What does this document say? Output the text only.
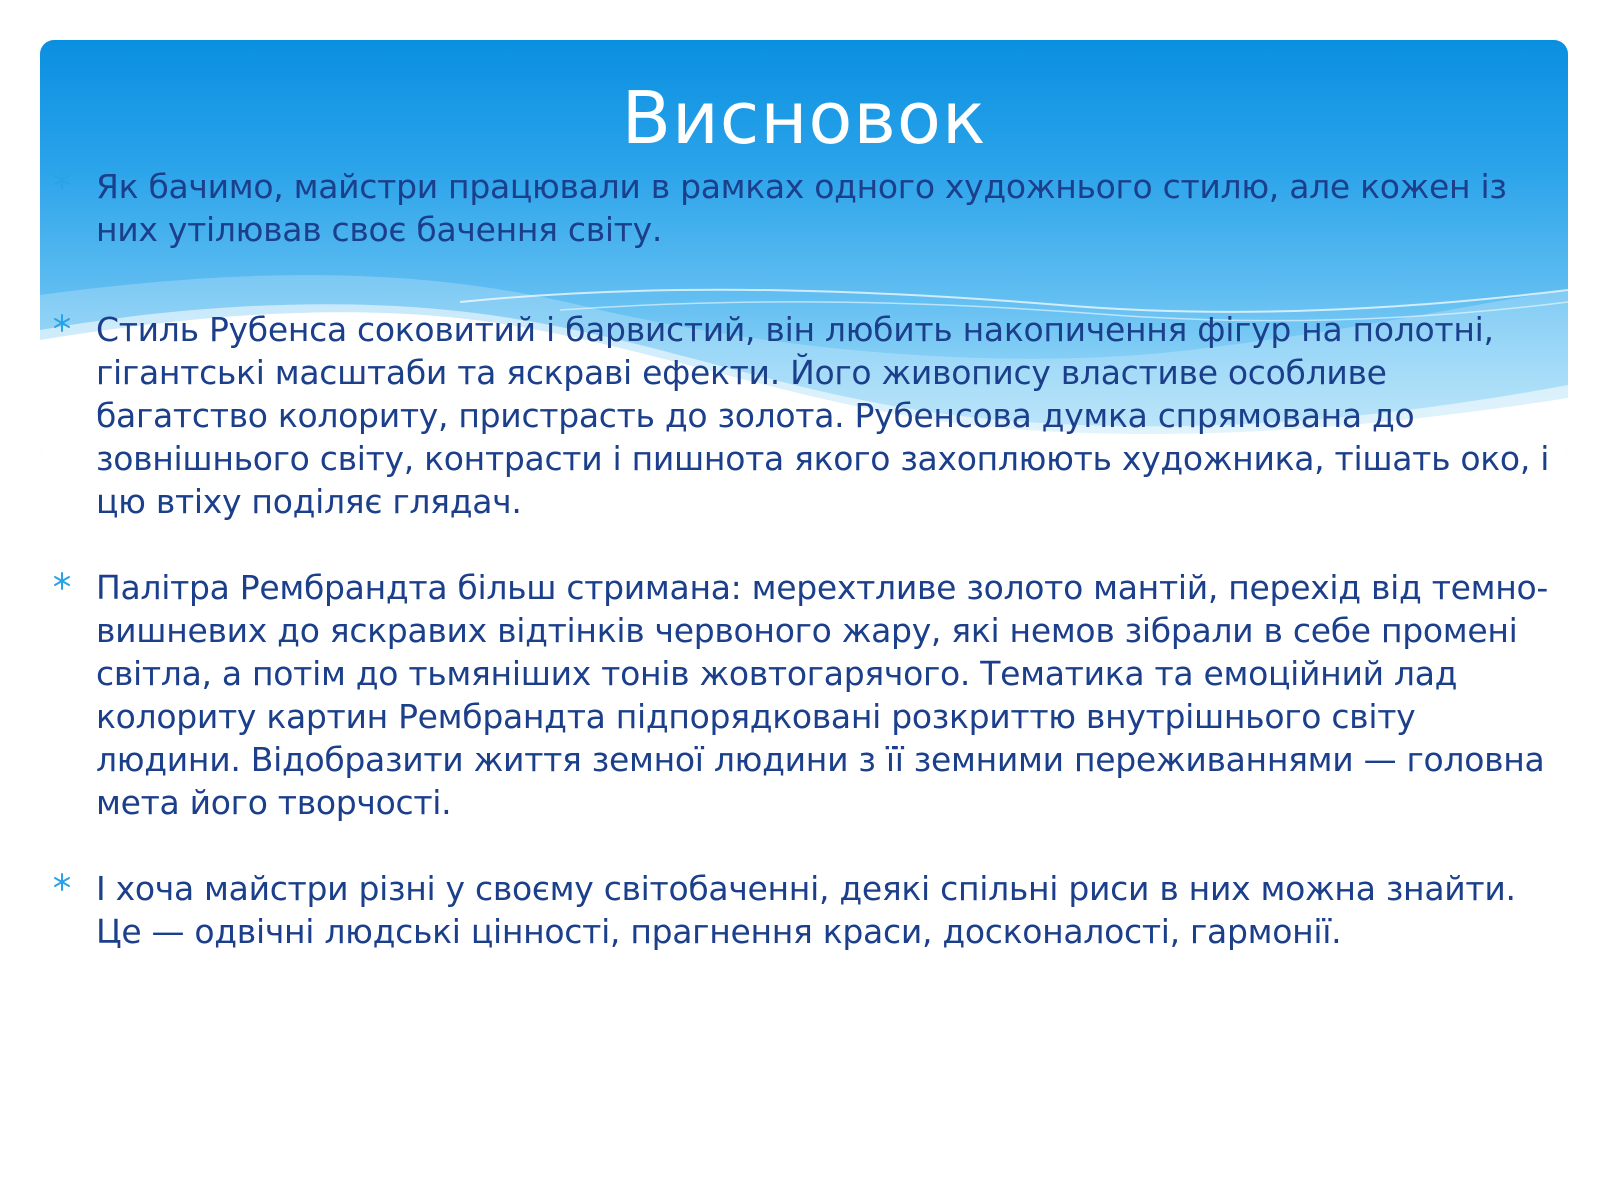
Висновок

Як бачимо, майстри працювали в рамках одного художнього стилю, але кожен із них утілював своє бачення світу.

Стиль Рубенса соковитий і барвистий, він любить накопичення фігур на полотні, гігантські масштаби та яскраві ефекти. Його живопису властиве особливе багатство колориту, пристрасть до золота. Рубенсова думка спрямована до зовнішнього світу, контрасти і пишнота якого захоплюють художника, тішать око, і цю втіху поділяє глядач.

Палітра Рембрандта більш стримана: мерехтливе золото мантій, перехід від темно-вишневих до яскравих відтінків червоного жару, які немов зібрали в себе промені світла, а потім до тьмяніших тонів жовтогарячого. Тематика та емоційний лад колориту картин Рембрандта підпорядковані розкриттю внутрішнього світу людини. Відобразити життя земної людини з її земними переживаннями — головна мета його творчості.

І хоча майстри різні у своєму світобаченні, деякі спільні риси в них можна знайти. Це — одвічні людські цінності, прагнення краси, досконалості, гармонії.
